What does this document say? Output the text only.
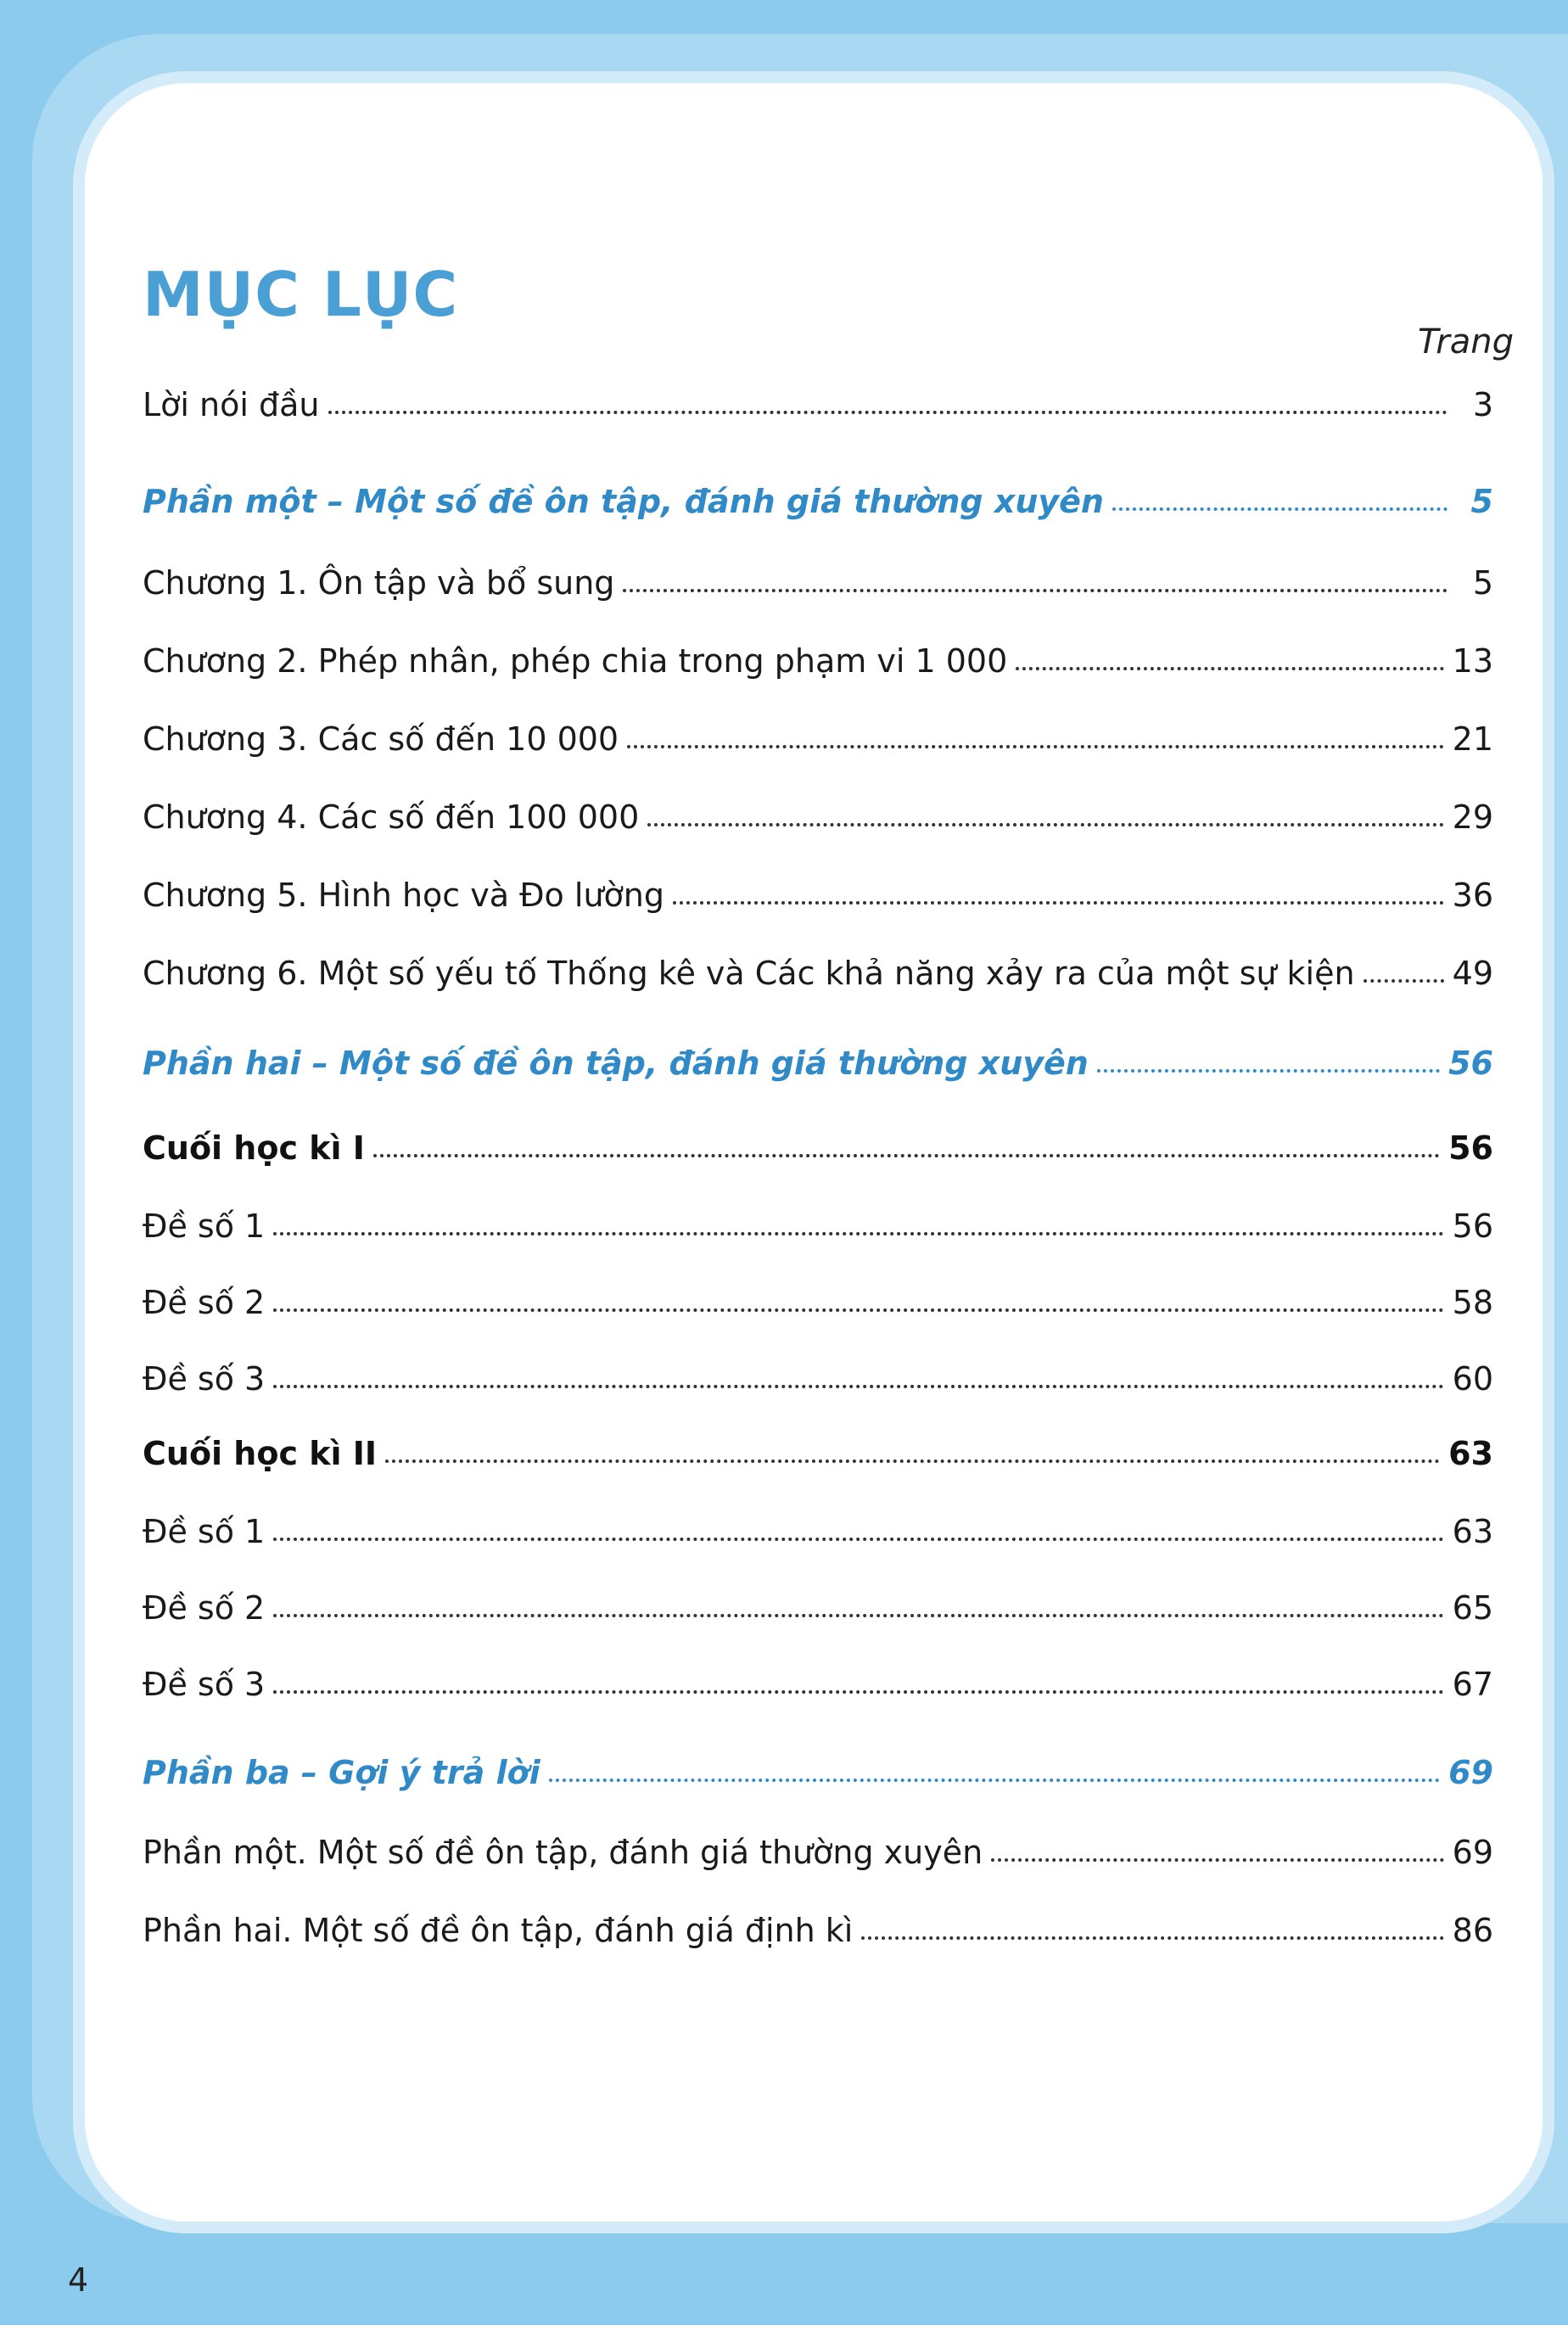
MỤC LỤC
Trang
Lời nói đầu	3
Phần một – Một số đề ôn tập, đánh giá thường xuyên	5
Chương 1. Ôn tập và bổ sung	5
Chương 2. Phép nhân, phép chia trong phạm vi 1 000	13
Chương 3. Các số đến 10 000	21
Chương 4. Các số đến 100 000	29
Chương 5. Hình học và Đo lường	36
Chương 6. Một số yếu tố Thống kê và Các khả năng xảy ra của một sự kiện	49
Phần hai – Một số đề ôn tập, đánh giá thường xuyên	56
Cuối học kì I	56
Đề số 1	56
Đề số 2	58
Đề số 3	60
Cuối học kì II	63
Đề số 1	63
Đề số 2	65
Đề số 3	67
Phần ba – Gợi ý trả lời	69
Phần một. Một số đề ôn tập, đánh giá thường xuyên	69
Phần hai. Một số đề ôn tập, đánh giá định kì	86
4
